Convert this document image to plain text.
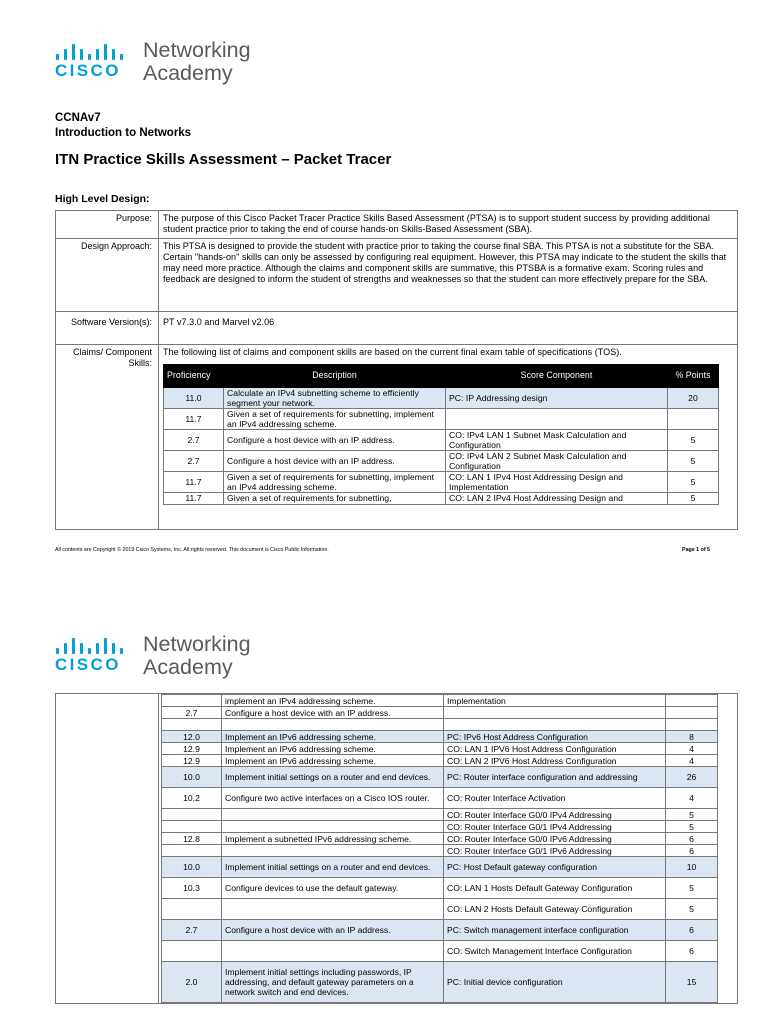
CISCO
Networking
Academy
CCNAv7
Introduction to Networks
ITN Practice Skills Assessment – Packet Tracer
High Level Design:
Purpose:	The purpose of this Cisco Packet Tracer Practice Skills Based Assessment (PTSA) is to support student success by providing additional student practice prior to taking the end of course hands-on Skills-Based Assessment (SBA).
Design Approach:	This PTSA is designed to provide the student with practice prior to taking the course final SBA. This PTSA is not a substitute for the SBA. Certain "hands-on" skills can only be assessed by configuring real equipment. However, this PTSA may indicate to the student the skills that may need more practice. Although the claims and component skills are summative, this PTSBA is a formative exam. Scoring rules and feedback are designed to inform the student of strengths and weaknesses so that the student can more effectively prepare for the SBA.
Software Version(s):	PT v7.3.0 and Marvel v2.06
Claims/ Component Skills:	
The following list of claims and component skills are based on the current final exam table of specifications (TOS).
Proficiency	Description	Score Component	% Points
11.0	Calculate an IPv4 subnetting scheme to efficiently segment your network.	PC: IP Addressing design	20
11.7	Given a set of requirements for subnetting, implement an IPv4 addressing scheme.		
2.7	Configure a host device with an IP address.	CO: IPv4 LAN 1 Subnet Mask Calculation and Configuration	5
2.7	Configure a host device with an IP address.	CO: IPv4 LAN 2 Subnet Mask Calculation and Configuration	5
11.7	Given a set of requirements for subnetting, implement an IPv4 addressing scheme.	CO: LAN 1 IPv4 Host Addressing Design and Implementation	5
11.7	Given a set of requirements for subnetting,	CO: LAN 2 IPv4 Host Addressing Design and	5
All contents are Copyright © 2019 Cisco Systems, Inc. All rights reserved. This document is Cisco Public Information.	Page 1 of 5
CISCO
Networking
Academy

	implement an IPv4 addressing scheme.	Implementation	
2.7	Configure a host device with an IP address.		

12.0	Implement an IPv6 addressing scheme.	PC: IPv6 Host Address Configuration	8
12.9	Implement an IPv6 addressing scheme.	CO: LAN 1 IPV6 Host Address Configuration	4
12.9	Implement an IPv6 addressing scheme.	CO: LAN 2 IPV6 Host Address Configuration	4
10.0	Implement initial settings on a router and end devices.	PC: Router interface configuration and addressing	26
10.2	Configure two active interfaces on a Cisco IOS router.	CO: Router Interface Activation	4
		CO: Router Interface G0/0 IPv4 Addressing	5
		CO: Router Interface G0/1 IPv4 Addressing	5
12.8	Implement a subnetted IPv6 addressing scheme.	CO: Router Interface G0/0 IPv6 Addressing	6
		CO: Router Interface G0/1 IPv6 Addressing	6
10.0	Implement initial settings on a router and end devices.	PC: Host Default gateway configuration	10
10.3	Configure devices to use the default gateway.	CO: LAN 1 Hosts Default Gateway Configuration	5
		CO: LAN 2 Hosts Default Gateway Configuration	5
2.7	Configure a host device with an IP address.	PC: Switch management interface configuration	6
		CO: Switch Management Interface Configuration	6
2.0	Implement initial settings including passwords, IP addressing, and default gateway parameters on a network switch and end devices.	PC: Initial device configuration	15
